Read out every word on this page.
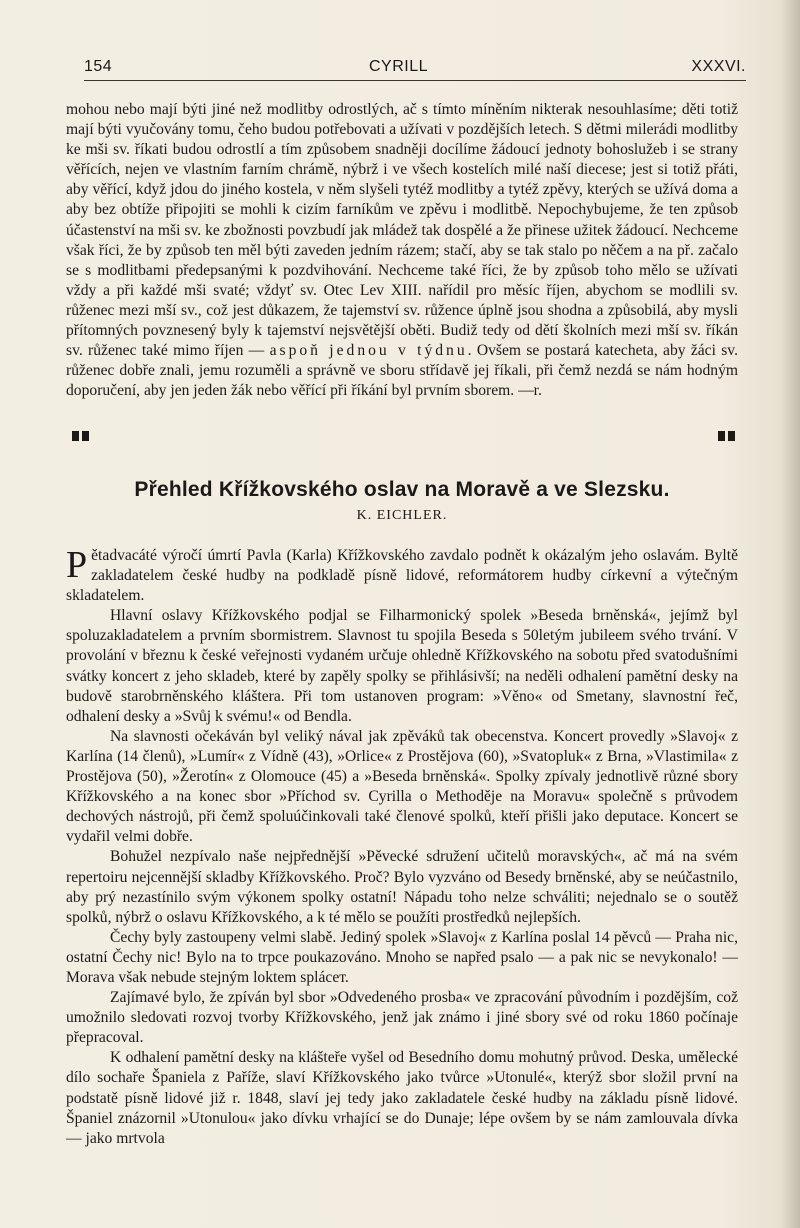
154	CYRILL	XXXVI.

mohou nebo mají býti jiné než modlitby odrostlých, ač s tímto míněním nikterak nesouhlasíme; děti totiž mají býti vyučovány tomu, čeho budou potřebovati a užívati v pozdějších letech. S dětmi milerádi modlitby ke mši sv. říkati budou odrostlí a tím způsobem snadněji docílíme žádoucí jednoty bohoslužeb i se strany věřících, nejen ve vlastním farním chrámě, nýbrž i ve všech kostelích milé naší diecese; jest si totiž přáti, aby věřící, když jdou do jiného kostela, v něm slyšeli tytéž modlitby a tytéž zpěvy, kterých se užívá doma a aby bez obtíže připojiti se mohli k cizím farníkům ve zpěvu i modlitbě. Nepochybujeme, že ten způsob účastenství na mši sv. ke zbožnosti povzbudí jak mládež tak dospělé a že přinese užitek žádoucí. Nechceme však říci, že by způsob ten měl býti zaveden jedním rázem; stačí, aby se tak stalo po něčem a na př. začalo se s modlitbami předepsanými k pozdvihování. Nechceme také říci, že by způsob toho mělo se užívati vždy a při každé mši svaté; vždyť sv. Otec Lev XIII. nařídil pro měsíc říjen, abychom se modlili sv. růženec mezi mší sv., což jest důkazem, že tajemství sv. růžence úplně jsou shodna a způsobilá, aby mysli přítomných povznesený byly k tajemství nejsvětější oběti. Budiž tedy od dětí školních mezi mší sv. říkán sv. růženec také mimo říjen — aspoň jednou v týdnu. Ovšem se postará katecheta, aby žáci sv. růženec dobře znali, jemu rozuměli a správně ve sboru střídavě jej říkali, při čemž nezdá se nám hodným doporučení, aby jen jeden žák nebo věřící při říkání byl prvním sborem. —r.

Přehled Křížkovského oslav na Moravě a ve Slezsku.
K. EICHLER.

Pětadvacáté výročí úmrtí Pavla (Karla) Křížkovského zavdalo podnět k okázalým jeho oslavám. Byltě zakladatelem české hudby na podkladě písně lidové, reformátorem hudby církevní a výtečným skladatelem.

Hlavní oslavy Křížkovského podjal se Filharmonický spolek »Beseda brněnská«, jejímž byl spoluzakladatelem a prvním sbormistrem. Slavnost tu spojila Beseda s 50letým jubileem svého trvání. V provolání v březnu k české veřejnosti vydaném určuje ohledně Křížkovského na sobotu před svatodušními svátky koncert z jeho skladeb, které by zapěly spolky se přihlásivší; na neděli odhalení pamětní desky na budově starobrněnského kláštera. Při tom ustanoven program: »Věno« od Smetany, slavnostní řeč, odhalení desky a »Svůj k svému!« od Bendla.

Na slavnosti očekáván byl veliký nával jak zpěváků tak obecenstva. Koncert provedly »Slavoj« z Karlína (14 členů), »Lumír« z Vídně (43), »Orlice« z Prostějova (60), »Svatopluk« z Brna, »Vlastimila« z Prostějova (50), »Žerotín« z Olomouce (45) a »Beseda brněnská«. Spolky zpívaly jednotlivě různé sbory Křížkovského a na konec sbor »Příchod sv. Cyrilla o Methoděje na Moravu« společně s průvodem dechových nástrojů, při čemž spoluúčinkovali také členové spolků, kteří přišli jako deputace. Koncert se vydařil velmi dobře.

Bohužel nezpívalo naše nejpřednější »Pěvecké sdružení učitelů moravských«, ač má na svém repertoiru nejcennější skladby Křížkovského. Proč? Bylo vyzváno od Besedy brněnské, aby se neúčastnilo, aby prý nezastínilo svým výkonem spolky ostatní! Nápadu toho nelze schváliti; nejednalo se o soutěž spolků, nýbrž o oslavu Křížkovského, a k té mělo se použíti prostředků nejlepších.

Čechy byly zastoupeny velmi slabě. Jediný spolek »Slavoj« z Karlína poslal 14 pěvců — Praha nic, ostatní Čechy nic! Bylo na to trpce poukazováno. Mnoho se napřed psalo — a pak nic se nevykonalo! — Morava však nebude stejným loktem spláceт.

Zajímavé bylo, že zpíván byl sbor »Odvedeného prosba« ve zpracování původním i pozdějším, což umožnilo sledovati rozvoj tvorby Křížkovského, jenž jak známo i jiné sbory své od roku 1860 počínaje přepracoval.

K odhalení pamětní desky na klášteře vyšel od Besedního domu mohutný průvod. Deska, umělecké dílo sochaře Španiela z Paříže, slaví Křížkovského jako tvůrce »Utonulé«, kterýž sbor složil první na podstatě písně lidové již r. 1848, slaví jej tedy jako zakladatele české hudby na základu písně lidové. Španiel znázornil »Utonulou« jako dívku vrhající se do Dunaje; lépe ovšem by se nám zamlouvala dívka — jako mrtvola
